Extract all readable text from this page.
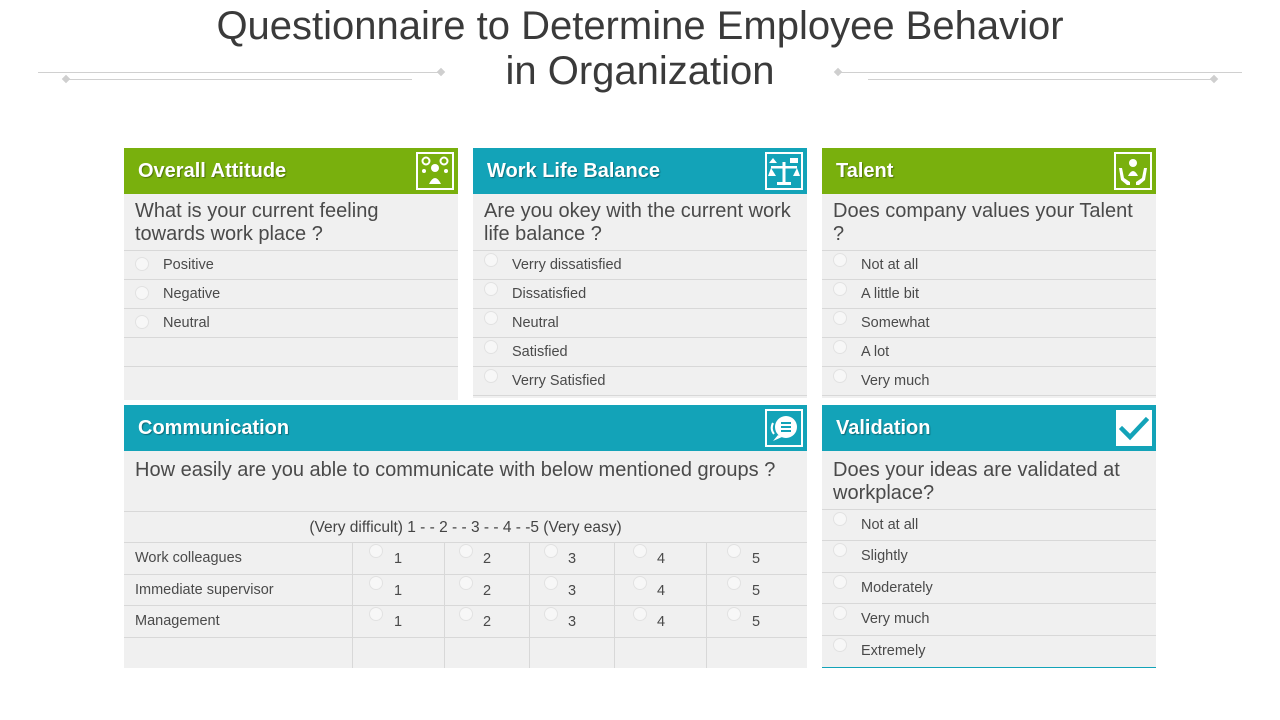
Questionnaire to Determine Employee Behavior
in Organization
Overall Attitude
What is your current feeling towards work place ?
Positive
Negative
Neutral
Work Life Balance
Are you okey with the current work life balance ?
Verry dissatisfied
Dissatisfied
Neutral
Satisfied
Verry Satisfied
Talent
Does company values your Talent ?
Not at all
A little bit
Somewhat
A lot
Very much
Communication
How easily are you able to communicate with below mentioned groups ?
(Very difficult) 1 - - 2 - - 3 - - 4 - -5 (Very easy)
Work colleagues	1	2	3	4	5
Immediate supervisor	1	2	3	4	5
Management	1	2	3	4	5
Validation
Does your ideas are validated at workplace?
Not at all
Slightly
Moderately
Very much
Extremely
